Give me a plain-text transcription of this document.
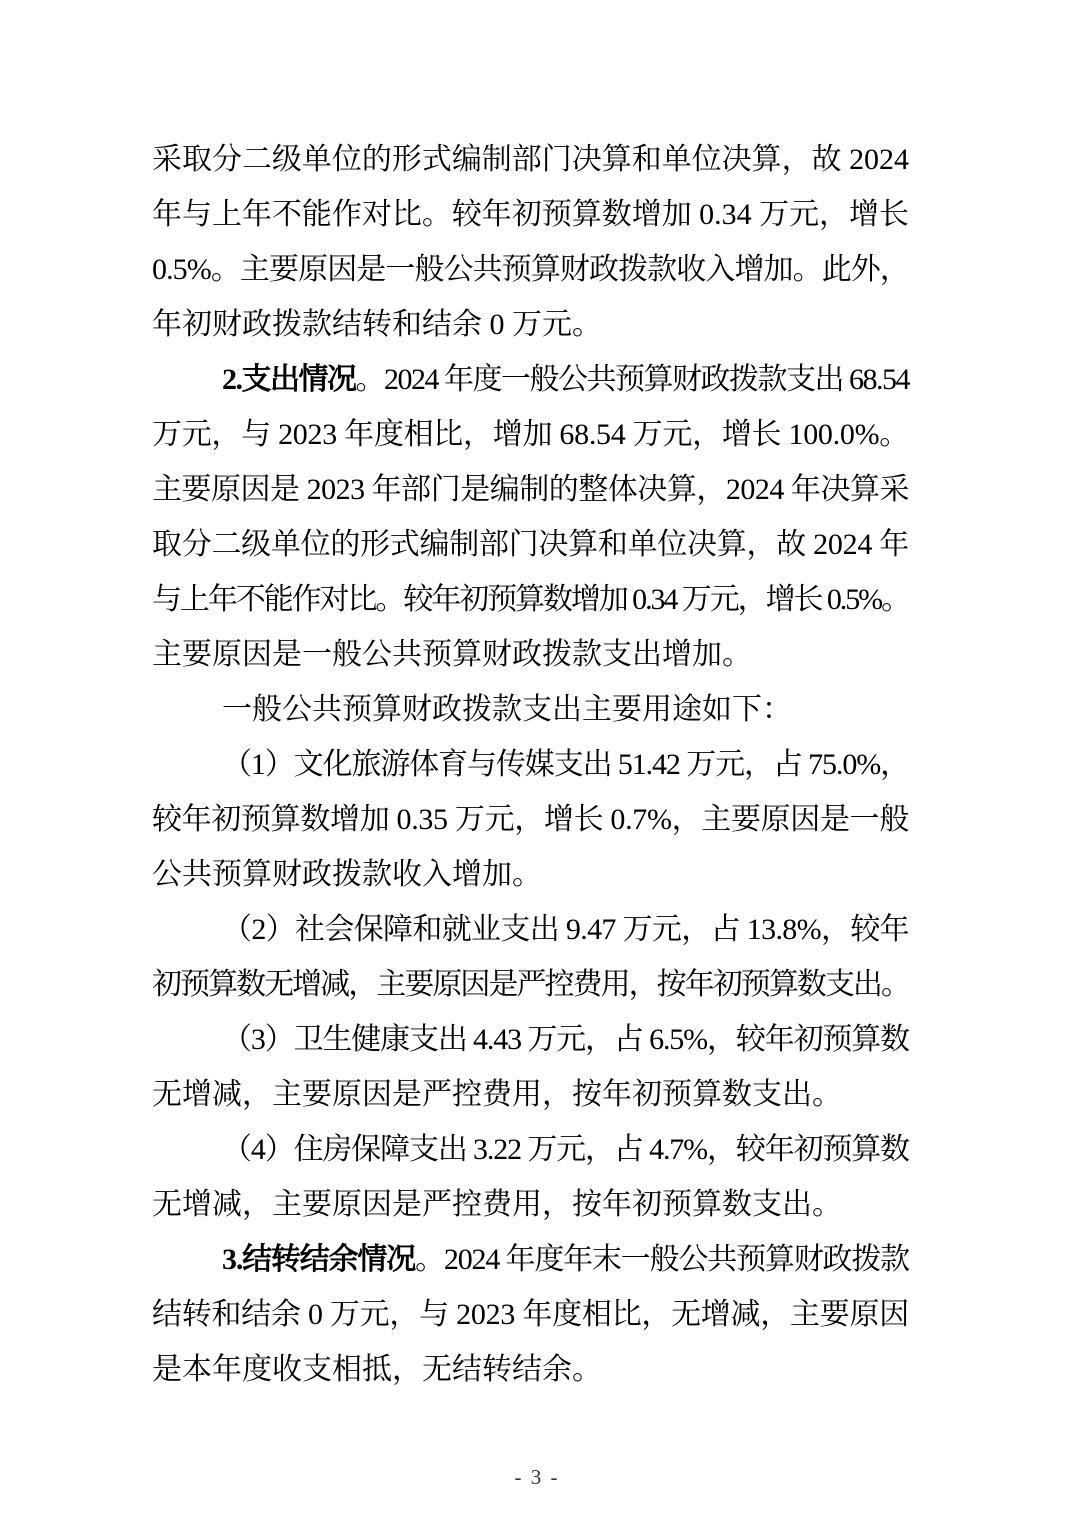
采取分二级单位的形式编制部门决算和单位决算，故 2024
年与上年不能作对比。较年初预算数增加 0.34 万元，增长
0.5%。主要原因是一般公共预算财政拨款收入增加。此外，
年初财政拨款结转和结余 0 万元。
2.支出情况。2024 年度一般公共预算财政拨款支出 68.54
万元，与 2023 年度相比，增加 68.54 万元，增长 100.0%。
主要原因是 2023 年部门是编制的整体决算，2024 年决算采
取分二级单位的形式编制部门决算和单位决算，故 2024 年
与上年不能作对比。较年初预算数增加 0.34 万元，增长 0.5%。
主要原因是一般公共预算财政拨款支出增加。
一般公共预算财政拨款支出主要用途如下：
（1）文化旅游体育与传媒支出 51.42 万元，占 75.0%，
较年初预算数增加 0.35 万元，增长 0.7%，主要原因是一般
公共预算财政拨款收入增加。
（2）社会保障和就业支出 9.47 万元，占 13.8%，较年
初预算数无增减，主要原因是严控费用，按年初预算数支出。
（3）卫生健康支出 4.43 万元，占 6.5%，较年初预算数
无增减，主要原因是严控费用，按年初预算数支出。
（4）住房保障支出 3.22 万元，占 4.7%，较年初预算数
无增减，主要原因是严控费用，按年初预算数支出。
3.结转结余情况。2024 年度年末一般公共预算财政拨款
结转和结余 0 万元，与 2023 年度相比，无增减，主要原因
是本年度收支相抵，无结转结余。
- 3 -
